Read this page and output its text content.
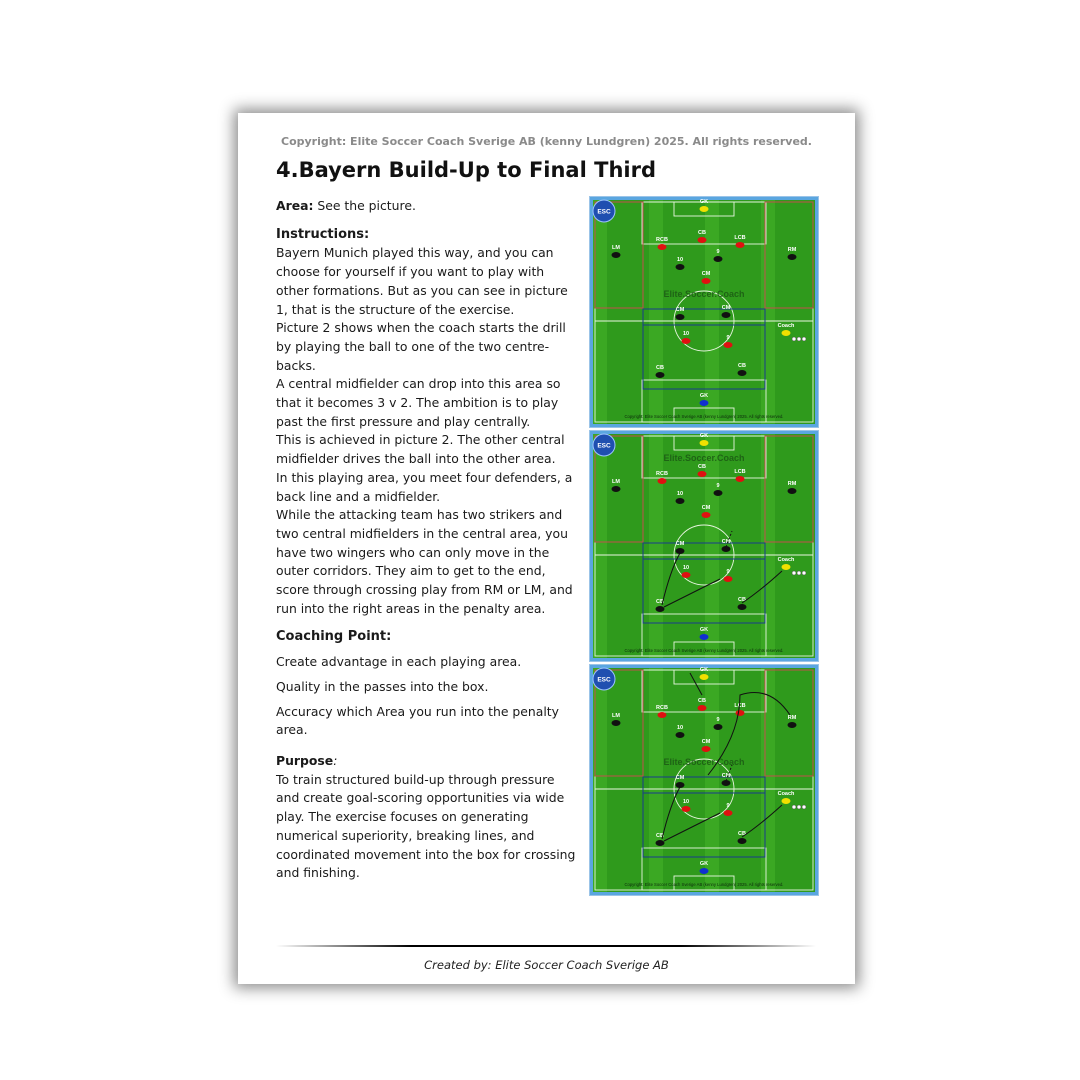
Copyright: Elite Soccer Coach Sverige AB (kenny Lundgren) 2025. All rights reserved.
4.Bayern Build-Up to Final Third

Area: See the picture.

Instructions:

Bayern Munich played this way, and you can choose for yourself if you want to play with other formations. But as you can see in picture 1, that is the structure of the exercise.

Picture 2 shows when the coach starts the drill by playing the ball to one of the two centre-backs.

A central midfielder can drop into this area so that it becomes 3 v 2. The ambition is to play past the first pressure and play centrally.

This is achieved in picture 2. The other central midfielder drives the ball into the other area.

In this playing area, you meet four defenders, a back line and a midfielder.

While the attacking team has two strikers and two central midfielders in the central area, you have two wingers who can only move in the outer corridors. They aim to get to the end, score through crossing play from RM or LM, and run into the right areas in the penalty area.

Coaching Point:

Create advantage in each playing area.

Quality in the passes into the box.

Accuracy which Area you run into the penalty area.

Purpose:

To train structured build-up through pressure and create goal-scoring opportunities via wide play. The exercise focuses on generating numerical superiority, breaking lines, and coordinated movement into the box for crossing and finishing.

ESC
Copyright: Elite Soccer Coach Sverige AB (kenny Lundgren) 2025. All rights reserved.
Elite.Soccer.Coach
GK
CB
RCB	LCB
CM
LM	RM
10
9
CM	CM
10
9
CB	CB
GK
Coach
ESC
Copyright: Elite Soccer Coach Sverige AB (kenny Lundgren) 2025. All rights reserved.
Elite.Soccer.Coach
GK
CB
RCB	LCB
CM
LM	RM
10
9
CM	CM
10
9
CB	CB
GK
Coach
ESC
Copyright: Elite Soccer Coach Sverige AB (kenny Lundgren) 2025. All rights reserved.
Elite.Soccer.Coach
GK
CB
RCB	LCB
CM
LM	RM
10
9
CM	CM
10
9
CB	CB
GK
Coach
Created by: Elite Soccer Coach Sverige AB
